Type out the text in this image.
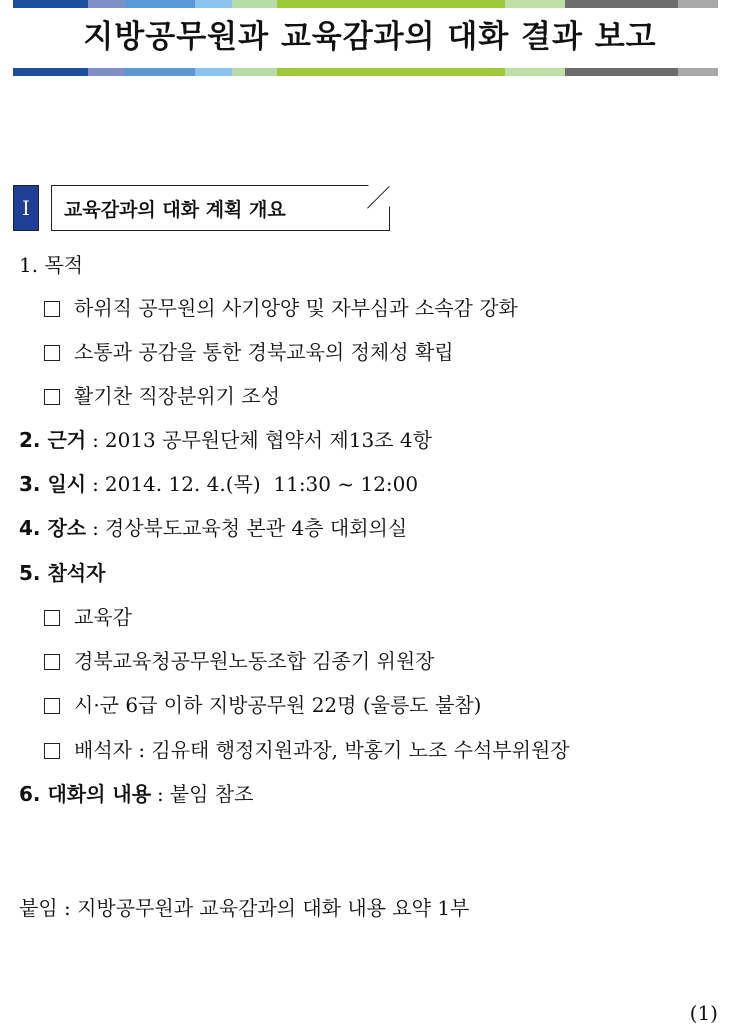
지방공무원과 교육감과의 대화 결과 보고
Ⅰ	교육감과의 대화 계획 개요
1. 목적
하위직 공무원의 사기앙양 및 자부심과 소속감 강화
소통과 공감을 통한 경북교육의 정체성 확립
활기찬 직장분위기 조성
2. 근거 : 2013 공무원단체 협약서 제13조 4항
3. 일시 : 2014. 12. 4.(목)  11:30 ~ 12:00
4. 장소 : 경상북도교육청 본관 4층 대회의실
5. 참석자
교육감
경북교육청공무원노동조합 김종기 위원장
시·군 6급 이하 지방공무원 22명 (울릉도 불참)
배석자 : 김유태 행정지원과장, 박홍기 노조 수석부위원장
6. 대화의 내용 : 붙임 참조
붙임 : 지방공무원과 교육감과의 대화 내용 요약 1부
(1)
